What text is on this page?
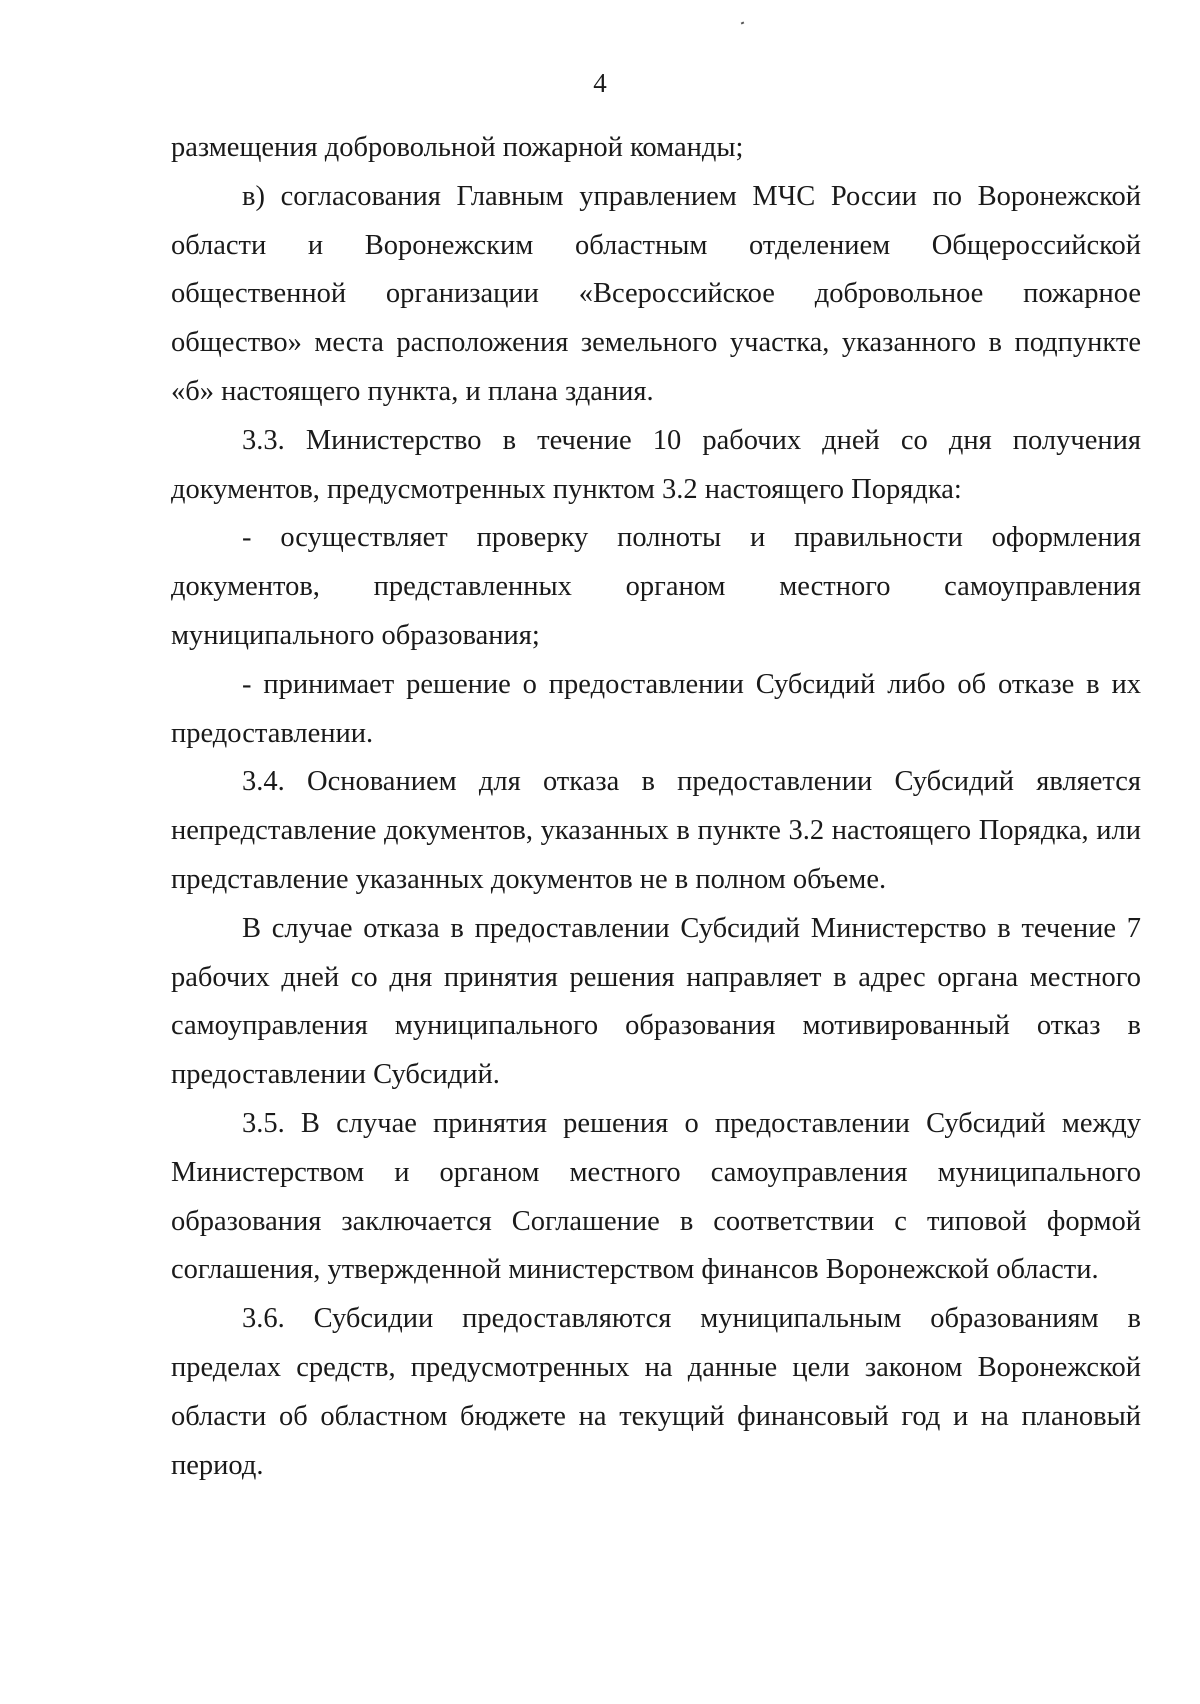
4

размещения добровольной пожарной команды;

в) согласования Главным управлением МЧС России по Воронежской области и Воронежским областным отделением Общероссийской общественной организации «Всероссийское добровольное пожарное общество» места расположения земельного участка, указанного в подпункте «б» настоящего пункта, и плана здания.

3.3. Министерство в течение 10 рабочих дней со дня получения документов, предусмотренных пунктом 3.2 настоящего Порядка:

- осуществляет проверку полноты и правильности оформления документов, представленных органом местного самоуправления муниципального образования;

- принимает решение о предоставлении Субсидий либо об отказе в их предоставлении.

3.4. Основанием для отказа в предоставлении Субсидий является непредставление документов, указанных в пункте 3.2 настоящего Порядка, или представление указанных документов не в полном объеме.

В случае отказа в предоставлении Субсидий Министерство в течение 7 рабочих дней со дня принятия решения направляет в адрес органа местного самоуправления муниципального образования мотивированный отказ в предоставлении Субсидий.

3.5. В случае принятия решения о предоставлении Субсидий между Министерством и органом местного самоуправления муниципального образования заключается Соглашение в соответствии с типовой формой соглашения, утвержденной министерством финансов Воронежской области.

3.6. Субсидии предоставляются муниципальным образованиям в пределах средств, предусмотренных на данные цели законом Воронежской области об областном бюджете на текущий финансовый год и на плановый период.
